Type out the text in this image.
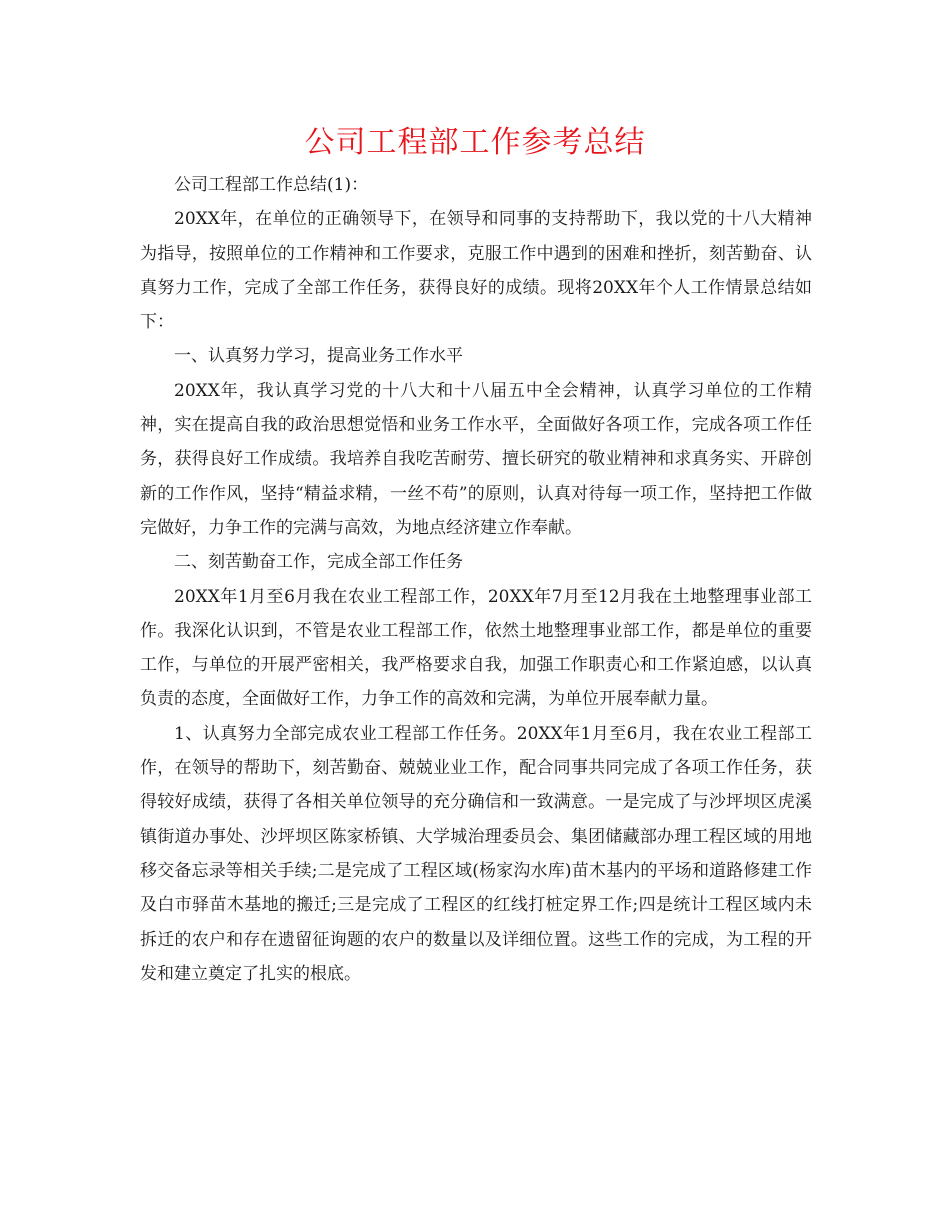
公司工程部工作参考总结

公司工程部工作总结(1)：

20XX年，在单位的正确领导下，在领导和同事的支持帮助下，我以党的十八大精神为指导，按照单位的工作精神和工作要求，克服工作中遇到的困难和挫折，刻苦勤奋、认真努力工作，完成了全部工作任务，获得良好的成绩。现将20XX年个人工作情景总结如下：

一、认真努力学习，提高业务工作水平

20XX年，我认真学习党的十八大和十八届五中全会精神，认真学习单位的工作精神，实在提高自我的政治思想觉悟和业务工作水平，全面做好各项工作，完成各项工作任务，获得良好工作成绩。我培养自我吃苦耐劳、擅长研究的敬业精神和求真务实、开辟创新的工作作风，坚持“精益求精，一丝不苟”的原则，认真对待每一项工作，坚持把工作做完做好，力争工作的完满与高效，为地点经济建立作奉献。

二、刻苦勤奋工作，完成全部工作任务

20XX年1月至6月我在农业工程部工作，20XX年7月至12月我在土地整理事业部工作。我深化认识到，不管是农业工程部工作，依然土地整理事业部工作，都是单位的重要工作，与单位的开展严密相关，我严格要求自我，加强工作职责心和工作紧迫感，以认真负责的态度，全面做好工作，力争工作的高效和完满，为单位开展奉献力量。

1、认真努力全部完成农业工程部工作任务。20XX年1月至6月，我在农业工程部工作，在领导的帮助下，刻苦勤奋、兢兢业业工作，配合同事共同完成了各项工作任务，获得较好成绩，获得了各相关单位领导的充分确信和一致满意。一是完成了与沙坪坝区虎溪镇街道办事处、沙坪坝区陈家桥镇、大学城治理委员会、集团储藏部办理工程区域的用地移交备忘录等相关手续;二是完成了工程区域(杨家沟水库)苗木基内的平场和道路修建工作及白市驿苗木基地的搬迁;三是完成了工程区的红线打桩定界工作;四是统计工程区域内未拆迁的农户和存在遗留征询题的农户的数量以及详细位置。这些工作的完成，为工程的开发和建立奠定了扎实的根底。
